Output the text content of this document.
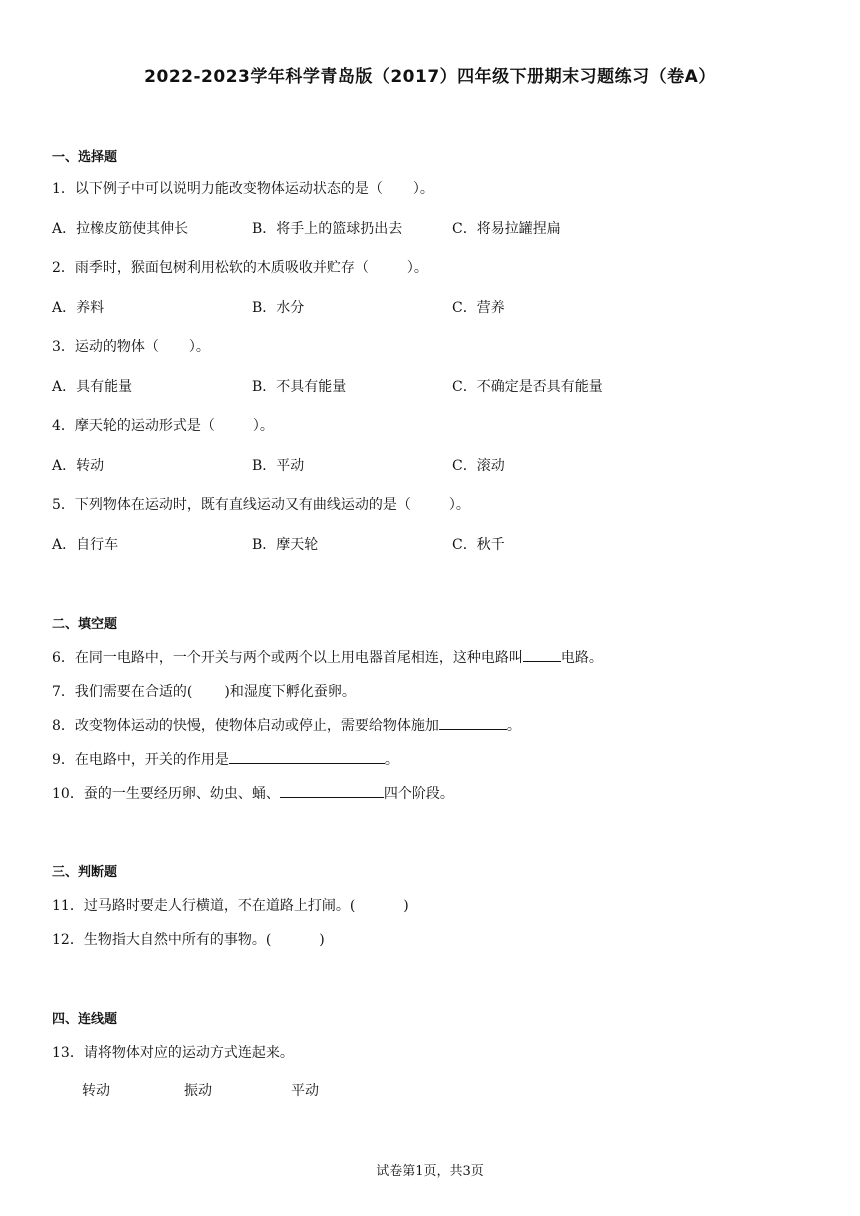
2022-2023学年科学青岛版（2017）四年级下册期末习题练习（卷A）
一、选择题
1．以下例子中可以说明力能改变物体运动状态的是（ ）。
A．拉橡皮筋使其伸长	B．将手上的篮球扔出去	C．将易拉罐捏扁
2．雨季时，猴面包树利用松软的木质吸收并贮存（	）。
A．养料	B．水分	C．营养
3．运动的物体（ ）。
A．具有能量	B．不具有能量	C．不确定是否具有能量
4．摩天轮的运动形式是（	）。
A．转动	B．平动	C．滚动
5．下列物体在运动时，既有直线运动又有曲线运动的是（	）。
A．自行车	B．摩天轮	C．秋千
二、填空题
6．在同一电路中，一个开关与两个或两个以上用电器首尾相连，这种电路叫	电路。
7．我们需要在合适的( )和湿度下孵化蚕卵。
8．改变物体运动的快慢，使物体启动或停止，需要给物体施加	。
9．在电路中，开关的作用是	。
10．蚕的一生要经历卵、幼虫、蛹、	四个阶段。
三、判断题
11．过马路时要走人行横道，不在道路上打闹。(	)
12．生物指大自然中所有的事物。(	)
四、连线题
13．请将物体对应的运动方式连起来。
转动	振动	平动
试卷第1页，共3页
